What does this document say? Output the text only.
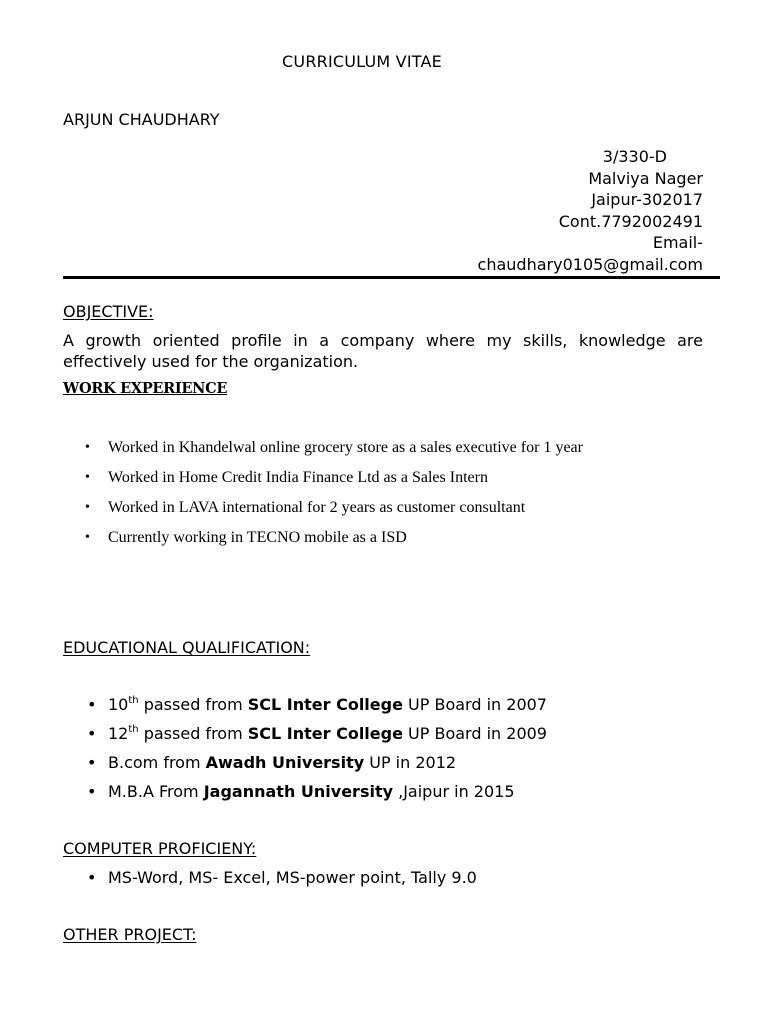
CURRICULUM VITAE
ARJUN CHAUDHARY
3/330-D
Malviya Nager
Jaipur-302017
Cont.7792002491
Email-
chaudhary0105@gmail.com
OBJECTIVE:
A growth oriented profile in a company where my skills, knowledge are effectively used for the organization.
WORK EXPERIENCE
• Worked in Khandelwal online grocery store as a sales executive for 1 year
• Worked in Home Credit India Finance Ltd as a Sales Intern
• Worked in LAVA international for 2 years as customer consultant
• Currently working in TECNO mobile as a ISD
EDUCATIONAL QUALIFICATION:
• 10th passed from SCL Inter College UP Board in 2007
• 12th passed from SCL Inter College UP Board in 2009
• B.com from Awadh University UP in 2012
• M.B.A From Jagannath University ,Jaipur in 2015
COMPUTER PROFICIENY:
• MS-Word, MS- Excel, MS-power point, Tally 9.0
OTHER PROJECT:
